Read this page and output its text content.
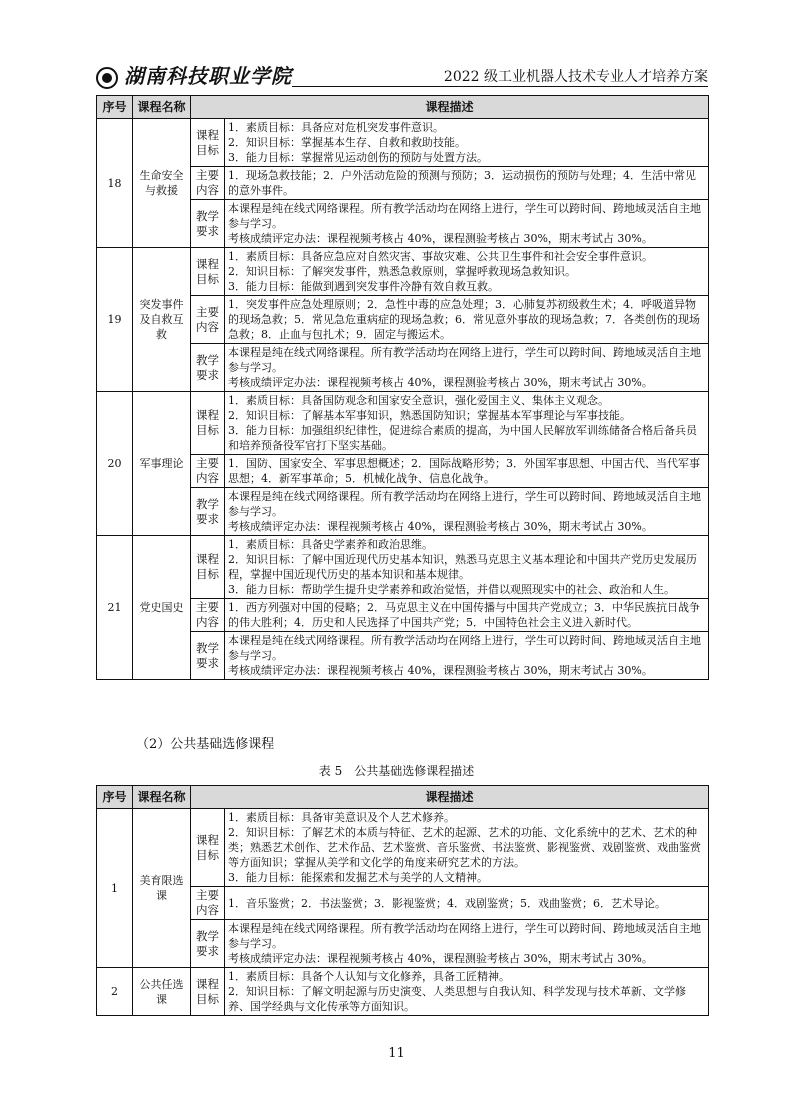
湖南科技职业学院	2022 级工业机器人技术专业人才培养方案
序号	课程名称	课程描述	
18	生命安全与救援	课程目标	1．素质目标：具备应对危机突发事件意识。
2．知识目标：掌握基本生存、自救和救助技能。
3．能力目标：掌握常见运动创伤的预防与处置方法。

		主要内容	1．现场急救技能；2．户外活动危险的预测与预防；3．运动损伤的预防与处理；4．生活中常见的意外事件。

		教学要求	本课程是纯在线式网络课程。所有教学活动均在网络上进行，学生可以跨时间、跨地域灵活自主地参与学习。
考核成绩评定办法：课程视频考核占 40%，课程测验考核占 30%，期末考试占 30%。

19	突发事件及自救互救	课程目标	1．素质目标：具备应急应对自然灾害、事故灾难、公共卫生事件和社会安全事件意识。
2．知识目标：了解突发事件，熟悉急救原则，掌握呼救现场急救知识。
3．能力目标：能做到遇到突发事件冷静有效自救互救。

		主要内容	1．突发事件应急处理原则；2．急性中毒的应急处理；3．心肺复苏初级救生术；4．呼吸道异物的现场急救；5．常见急危重病症的现场急救；6．常见意外事故的现场急救；7．各类创伤的现场急救；8．止血与包扎术；9．固定与搬运术。

		教学要求	本课程是纯在线式网络课程。所有教学活动均在网络上进行，学生可以跨时间、跨地域灵活自主地参与学习。
考核成绩评定办法：课程视频考核占 40%，课程测验考核占 30%，期末考试占 30%。

20	军事理论	课程目标	1．素质目标：具备国防观念和国家安全意识，强化爱国主义、集体主义观念。
2．知识目标：了解基本军事知识，熟悉国防知识；掌握基本军事理论与军事技能。
3．能力目标：加强组织纪律性，促进综合素质的提高，为中国人民解放军训练储备合格后备兵员和培养预备役军官打下坚实基础。

		主要内容	1．国防、国家安全、军事思想概述；2．国际战略形势；3．外国军事思想、中国古代、当代军事思想；4．新军事革命；5．机械化战争、信息化战争。

		教学要求	本课程是纯在线式网络课程。所有教学活动均在网络上进行，学生可以跨时间、跨地域灵活自主地参与学习。
考核成绩评定办法：课程视频考核占 40%，课程测验考核占 30%，期末考试占 30%。

21	党史国史	课程目标	1．素质目标：具备史学素养和政治思维。
2．知识目标：了解中国近现代历史基本知识，熟悉马克思主义基本理论和中国共产党历史发展历程，掌握中国近现代历史的基本知识和基本规律。
3．能力目标：帮助学生提升史学素养和政治觉悟，并借以观照现实中的社会、政治和人生。

		主要内容	1．西方列强对中国的侵略；2．马克思主义在中国传播与中国共产党成立；3．中华民族抗日战争的伟大胜利；4．历史和人民选择了中国共产党；5．中国特色社会主义进入新时代。

		教学要求	本课程是纯在线式网络课程。所有教学活动均在网络上进行，学生可以跨时间、跨地域灵活自主地参与学习。
考核成绩评定办法：课程视频考核占 40%，课程测验考核占 30%，期末考试占 30%。
（2）公共基础选修课程
表 5　公共基础选修课程描述
序号	课程名称	课程描述	
1	美育限选课	课程目标	1．素质目标：具备审美意识及个人艺术修养。
2．知识目标：了解艺术的本质与特征、艺术的起源、艺术的功能、文化系统中的艺术、艺术的种类；熟悉艺术创作、艺术作品、艺术鉴赏、音乐鉴赏、书法鉴赏、影视鉴赏、戏剧鉴赏、戏曲鉴赏等方面知识；掌握从美学和文化学的角度来研究艺术的方法。
3．能力目标：能探索和发掘艺术与美学的人文精神。

		主要内容	1．音乐鉴赏；2．书法鉴赏；3．影视鉴赏；4．戏剧鉴赏；5．戏曲鉴赏；6．艺术导论。

		教学要求	本课程是纯在线式网络课程。所有教学活动均在网络上进行，学生可以跨时间、跨地域灵活自主地参与学习。
考核成绩评定办法：课程视频考核占 40%，课程测验考核占 30%，期末考试占 30%。

2	公共任选课	课程目标	1．素质目标：具备个人认知与文化修养，具备工匠精神。
2．知识目标：了解文明起源与历史演变、人类思想与自我认知、科学发现与技术革新、文学修养、国学经典与文化传承等方面知识。
11
